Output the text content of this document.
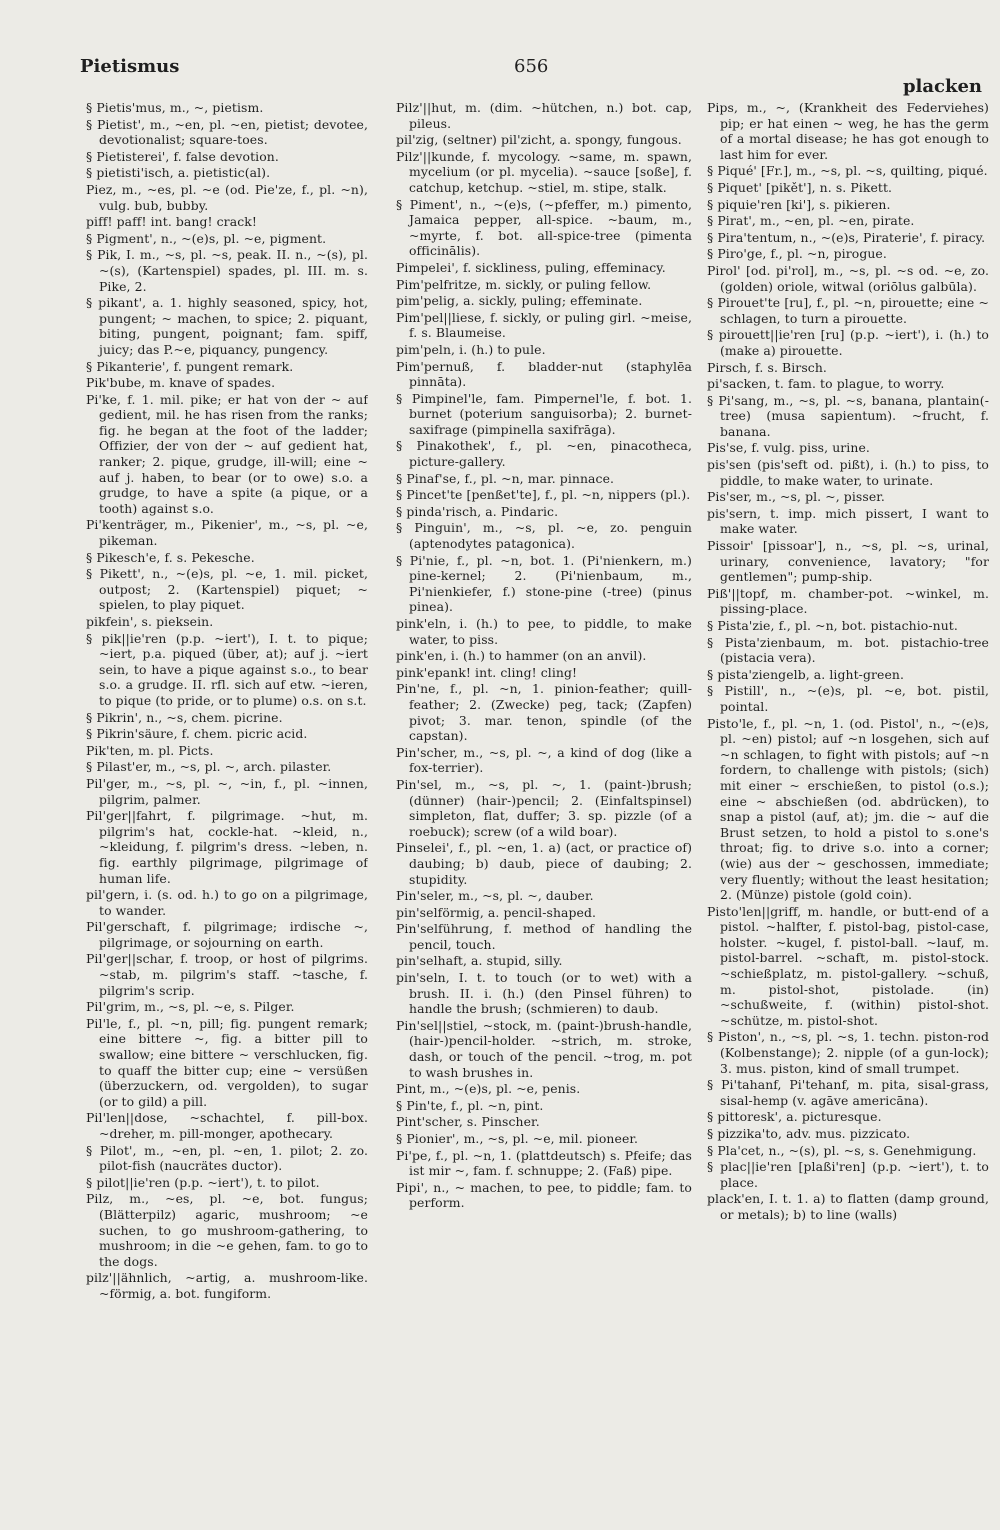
Pietismus	656
placken

§ Pietis'mus, m., ~, pietism.

§ Pietist', m., ~en, pl. ~en, pietist; devotee, devotionalist; square-toes.

§ Pietisterei', f. false devotion.

§ pietisti'isch, a. pietistic(al).

Piez, m., ~es, pl. ~e (od. Pie'ze, f., pl. ~n), vulg. bub, bubby.

piff! paff! int. bang! crack!

§ Pigment', n., ~(e)s, pl. ~e, pigment.

§ Pik, I. m., ~s, pl. ~s, peak. II. n., ~(s), pl. ~(s), (Kartenspiel) spades, pl. III. m. s. Pike, 2.

§ pikant', a. 1. highly seasoned, spicy, hot, pungent; ~ machen, to spice; 2. piquant, biting, pungent, poignant; fam. spiff, juicy; das P.~e, piquancy, pungency.

§ Pikanterie', f. pungent remark.

Pik'bube, m. knave of spades.

Pi'ke, f. 1. mil. pike; er hat von der ~ auf gedient, mil. he has risen from the ranks; fig. he began at the foot of the ladder; Offizier, der von der ~ auf gedient hat, ranker; 2. pique, grudge, ill-will; eine ~ auf j. haben, to bear (or to owe) s.o. a grudge, to have a spite (a pique, or a tooth) against s.o.

Pi'kenträger, m., Pikenier', m., ~s, pl. ~e, pikeman.

§ Pikesch'e, f. s. Pekesche.

§ Pikett', n., ~(e)s, pl. ~e, 1. mil. picket, outpost; 2. (Kartenspiel) piquet; ~ spielen, to play piquet.

pikfein', s. pieksein.

§ pik||ie'ren (p.p. ~iert'), I. t. to pique; ~iert, p.a. piqued (über, at); auf j. ~iert sein, to have a pique against s.o., to bear s.o. a grudge. II. rfl. sich auf etw. ~ieren, to pique (to pride, or to plume) o.s. on s.t.

§ Pikrin', n., ~s, chem. picrine.

§ Pikrin'säure, f. chem. picric acid.

Pik'ten, m. pl. Picts.

§ Pilast'er, m., ~s, pl. ~, arch. pilaster.

Pil'ger, m., ~s, pl. ~, ~in, f., pl. ~innen, pilgrim, palmer.

Pil'ger||fahrt, f. pilgrimage. ~hut, m. pilgrim's hat, cockle-hat. ~kleid, n., ~kleidung, f. pilgrim's dress. ~leben, n. fig. earthly pilgrimage, pilgrimage of human life.

pil'gern, i. (s. od. h.) to go on a pilgrimage, to wander.

Pil'gerschaft, f. pilgrimage; irdische ~, pilgrimage, or sojourning on earth.

Pil'ger||schar, f. troop, or host of pilgrims. ~stab, m. pilgrim's staff. ~tasche, f. pilgrim's scrip.

Pil'grim, m., ~s, pl. ~e, s. Pilger.

Pil'le, f., pl. ~n, pill; fig. pungent remark; eine bittere ~, fig. a bitter pill to swallow; eine bittere ~ verschlucken, fig. to quaff the bitter cup; eine ~ versüßen (überzuckern, od. vergolden), to sugar (or to gild) a pill.

Pil'len||dose, ~schachtel, f. pill-box. ~dreher, m. pill-monger, apothecary.

§ Pilot', m., ~en, pl. ~en, 1. pilot; 2. zo. pilot-fish (naucrätes ductor).

§ pilot||ie'ren (p.p. ~iert'), t. to pilot.

Pilz, m., ~es, pl. ~e, bot. fungus; (Blätterpilz) agaric, mushroom; ~e suchen, to go mushroom-gathering, to mushroom; in die ~e gehen, fam. to go to the dogs.

pilz'||ähnlich, ~artig, a. mushroom-like. ~förmig, a. bot. fungiform.

Pilz'||hut, m. (dim. ~hütchen, n.) bot. cap, pileus.

pil'zig, (seltner) pil'zicht, a. spongy, fungous.

Pilz'||kunde, f. mycology. ~same, m. spawn, mycelium (or pl. mycelia). ~sauce [soße], f. catchup, ketchup. ~stiel, m. stipe, stalk.

§ Piment', n., ~(e)s, (~pfeffer, m.) pimento, Jamaica pepper, all-spice. ~baum, m., ~myrte, f. bot. all-spice-tree (pimenta officinālis).

Pimpelei', f. sickliness, puling, effeminacy.

Pim'pelfritze, m. sickly, or puling fellow.

pim'pelig, a. sickly, puling; effeminate.

Pim'pel||liese, f. sickly, or puling girl. ~meise, f. s. Blaumeise.

pim'peln, i. (h.) to pule.

Pim'pernuß, f. bladder-nut (staphylēa pinnāta).

§ Pimpinel'le, fam. Pimpernel'le, f. bot. 1. burnet (poterium sanguisorba); 2. burnet-saxifrage (pimpinella saxifrāga).

§ Pinakothek', f., pl. ~en, pinacotheca, picture-gallery.

§ Pinaf'se, f., pl. ~n, mar. pinnace.

§ Pincet'te [penßet'te], f., pl. ~n, nippers (pl.).

§ pinda'risch, a. Pindaric.

§ Pinguin', m., ~s, pl. ~e, zo. penguin (aptenodytes patagonica).

§ Pi'nie, f., pl. ~n, bot. 1. (Pi'nienkern, m.) pine-kernel; 2. (Pi'nienbaum, m., Pi'nienkiefer, f.) stone-pine (-tree) (pinus pinea).

pink'eln, i. (h.) to pee, to piddle, to make water, to piss.

pink'en, i. (h.) to hammer (on an anvil).

pink'epank! int. cling! cling!

Pin'ne, f., pl. ~n, 1. pinion-feather; quill-feather; 2. (Zwecke) peg, tack; (Zapfen) pivot; 3. mar. tenon, spindle (of the capstan).

Pin'scher, m., ~s, pl. ~, a kind of dog (like a fox-terrier).

Pin'sel, m., ~s, pl. ~, 1. (paint-)brush; (dünner) (hair-)pencil; 2. (Einfaltspinsel) simpleton, flat, duffer; 3. sp. pizzle (of a roebuck); screw (of a wild boar).

Pinselei', f., pl. ~en, 1. a) (act, or practice of) daubing; b) daub, piece of daubing; 2. stupidity.

Pin'seler, m., ~s, pl. ~, dauber.

pin'selförmig, a. pencil-shaped.

Pin'selführung, f. method of handling the pencil, touch.

pin'selhaft, a. stupid, silly.

pin'seln, I. t. to touch (or to wet) with a brush. II. i. (h.) (den Pinsel führen) to handle the brush; (schmieren) to daub.

Pin'sel||stiel, ~stock, m. (paint-)brush-handle, (hair-)pencil-holder. ~strich, m. stroke, dash, or touch of the pencil. ~trog, m. pot to wash brushes in.

Pint, m., ~(e)s, pl. ~e, penis.

§ Pin'te, f., pl. ~n, pint.

Pint'scher, s. Pinscher.

§ Pionier', m., ~s, pl. ~e, mil. pioneer.

Pi'pe, f., pl. ~n, 1. (plattdeutsch) s. Pfeife; das ist mir ~, fam. f. schnuppe; 2. (Faß) pipe.

Pipi', n., ~ machen, to pee, to piddle; fam. to perform.

Pips, m., ~, (Krankheit des Federviehes) pip; er hat einen ~ weg, he has the germ of a mortal disease; he has got enough to last him for ever.

§ Piqué' [Fr.], m., ~s, pl. ~s, quilting, piqué.

§ Piquet' [pikět'], n. s. Pikett.

§ piquie'ren [ki'], s. pikieren.

§ Pirat', m., ~en, pl. ~en, pirate.

§ Pira'tentum, n., ~(e)s, Piraterie', f. piracy.

§ Piro'ge, f., pl. ~n, pirogue.

Pirol' [od. pi'rol], m., ~s, pl. ~s od. ~e, zo. (golden) oriole, witwal (oriōlus galbūla).

§ Pirouet'te [ru], f., pl. ~n, pirouette; eine ~ schlagen, to turn a pirouette.

§ pirouett||ie'ren [ru] (p.p. ~iert'), i. (h.) to (make a) pirouette.

Pirsch, f. s. Birsch.

pi'sacken, t. fam. to plague, to worry.

§ Pi'sang, m., ~s, pl. ~s, banana, plantain(-tree) (musa sapientum). ~frucht, f. banana.

Pis'se, f. vulg. piss, urine.

pis'sen (pis'seft od. pißt), i. (h.) to piss, to piddle, to make water, to urinate.

Pis'ser, m., ~s, pl. ~, pisser.

pis'sern, t. imp. mich pissert, I want to make water.

Pissoir' [pissoar'], n., ~s, pl. ~s, urinal, urinary, convenience, lavatory; "for gentlemen"; pump-ship.

Piß'||topf, m. chamber-pot. ~winkel, m. pissing-place.

§ Pista'zie, f., pl. ~n, bot. pistachio-nut.

§ Pista'zienbaum, m. bot. pistachio-tree (pistacia vera).

§ pista'ziengelb, a. light-green.

§ Pistill', n., ~(e)s, pl. ~e, bot. pistil, pointal.

Pisto'le, f., pl. ~n, 1. (od. Pistol', n., ~(e)s, pl. ~en) pistol; auf ~n losgehen, sich auf ~n schlagen, to fight with pistols; auf ~n fordern, to challenge with pistols; (sich) mit einer ~ erschießen, to pistol (o.s.); eine ~ abschießen (od. abdrücken), to snap a pistol (auf, at); jm. die ~ auf die Brust setzen, to hold a pistol to s.one's throat; fig. to drive s.o. into a corner; (wie) aus der ~ geschossen, immediate; very fluently; without the least hesitation; 2. (Münze) pistole (gold coin).

Pisto'len||griff, m. handle, or butt-end of a pistol. ~halfter, f. pistol-bag, pistol-case, holster. ~kugel, f. pistol-ball. ~lauf, m. pistol-barrel. ~schaft, m. pistol-stock. ~schießplatz, m. pistol-gallery. ~schuß, m. pistol-shot, pistolade. (in) ~schußweite, f. (within) pistol-shot. ~schütze, m. pistol-shot.

§ Piston', n., ~s, pl. ~s, 1. techn. piston-rod (Kolbenstange); 2. nipple (of a gun-lock); 3. mus. piston, kind of small trumpet.

§ Pi'tahanf, Pi'tehanf, m. pita, sisal-grass, sisal-hemp (v. agāve americāna).

§ pittoresk', a. picturesque.

§ pizzika'to, adv. mus. pizzicato.

§ Pla'cet, n., ~(s), pl. ~s, s. Genehmigung.

§ plac||ie'ren [plaßi'ren] (p.p. ~iert'), t. to place.

plack'en, I. t. 1. a) to flatten (damp ground, or metals); b) to line (walls)
